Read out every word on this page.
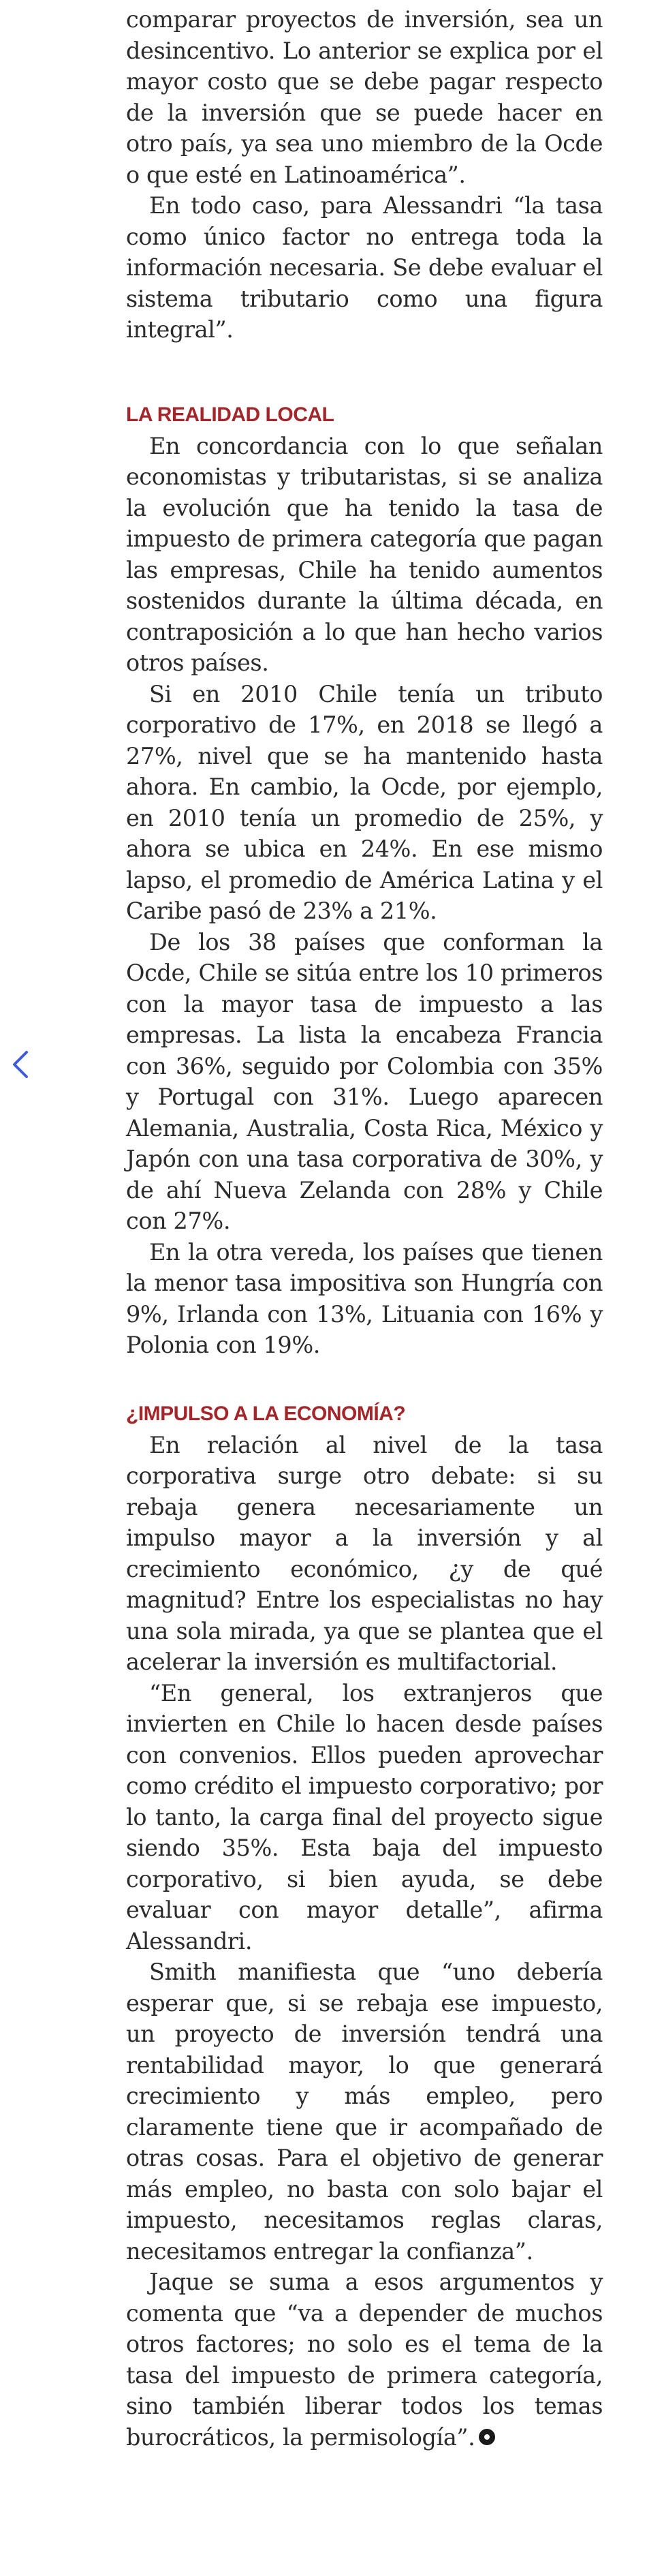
comparar proyectos de inversión, sea un desincentivo. Lo anterior se explica por el mayor costo que se debe pagar respecto de la inversión que se puede hacer en otro país, ya sea uno miembro de la Ocde o que esté en Latinoamérica”.

En todo caso, para Alessandri “la tasa como único factor no entrega toda la información necesaria. Se debe evaluar el sistema tributario como una figura integral”.

LA REALIDAD LOCAL

En concordancia con lo que señalan economistas y tributaristas, si se analiza la evolución que ha tenido la tasa de impuesto de primera categoría que pagan las empresas, Chile ha tenido aumentos sostenidos durante la última década, en contraposición a lo que han hecho varios otros países.

Si en 2010 Chile tenía un tributo corporativo de 17%, en 2018 se llegó a 27%, nivel que se ha mantenido hasta ahora. En cambio, la Ocde, por ejemplo, en 2010 tenía un promedio de 25%, y ahora se ubica en 24%. En ese mismo lapso, el promedio de América Latina y el Caribe pasó de 23% a 21%.

De los 38 países que conforman la Ocde, Chile se sitúa entre los 10 primeros con la mayor tasa de impuesto a las empresas. La lista la encabeza Francia con 36%, seguido por Colombia con 35% y Portugal con 31%. Luego aparecen Alemania, Australia, Costa Rica, México y Japón con una tasa corporativa de 30%, y de ahí Nueva Zelanda con 28% y Chile con 27%.

En la otra vereda, los países que tienen la menor tasa impositiva son Hungría con 9%, Irlanda con 13%, Lituania con 16% y Polonia con 19%.

¿IMPULSO A LA ECONOMÍA?

En relación al nivel de la tasa corporativa surge otro debate: si su rebaja genera necesariamente un impulso mayor a la inversión y al crecimiento económico, ¿y de qué magnitud? Entre los especialistas no hay una sola mirada, ya que se plantea que el acelerar la inversión es multifactorial.

“En general, los extranjeros que invierten en Chile lo hacen desde países con convenios. Ellos pueden aprovechar como crédito el impuesto corporativo; por lo tanto, la carga final del proyecto sigue siendo 35%. Esta baja del impuesto corporativo, si bien ayuda, se debe evaluar con mayor detalle”, afirma Alessandri.

Smith manifiesta que “uno debería esperar que, si se rebaja ese impuesto, un proyecto de inversión tendrá una rentabilidad mayor, lo que generará crecimiento y más empleo, pero claramente tiene que ir acompañado de otras cosas. Para el objetivo de generar más empleo, no basta con solo bajar el impuesto, necesitamos reglas claras, necesitamos entregar la confianza”.

Jaque se suma a esos argumentos y comenta que “va a depender de muchos otros factores; no solo es el tema de la tasa del impuesto de primera categoría, sino también liberar todos los temas burocráticos, la permisología”.
